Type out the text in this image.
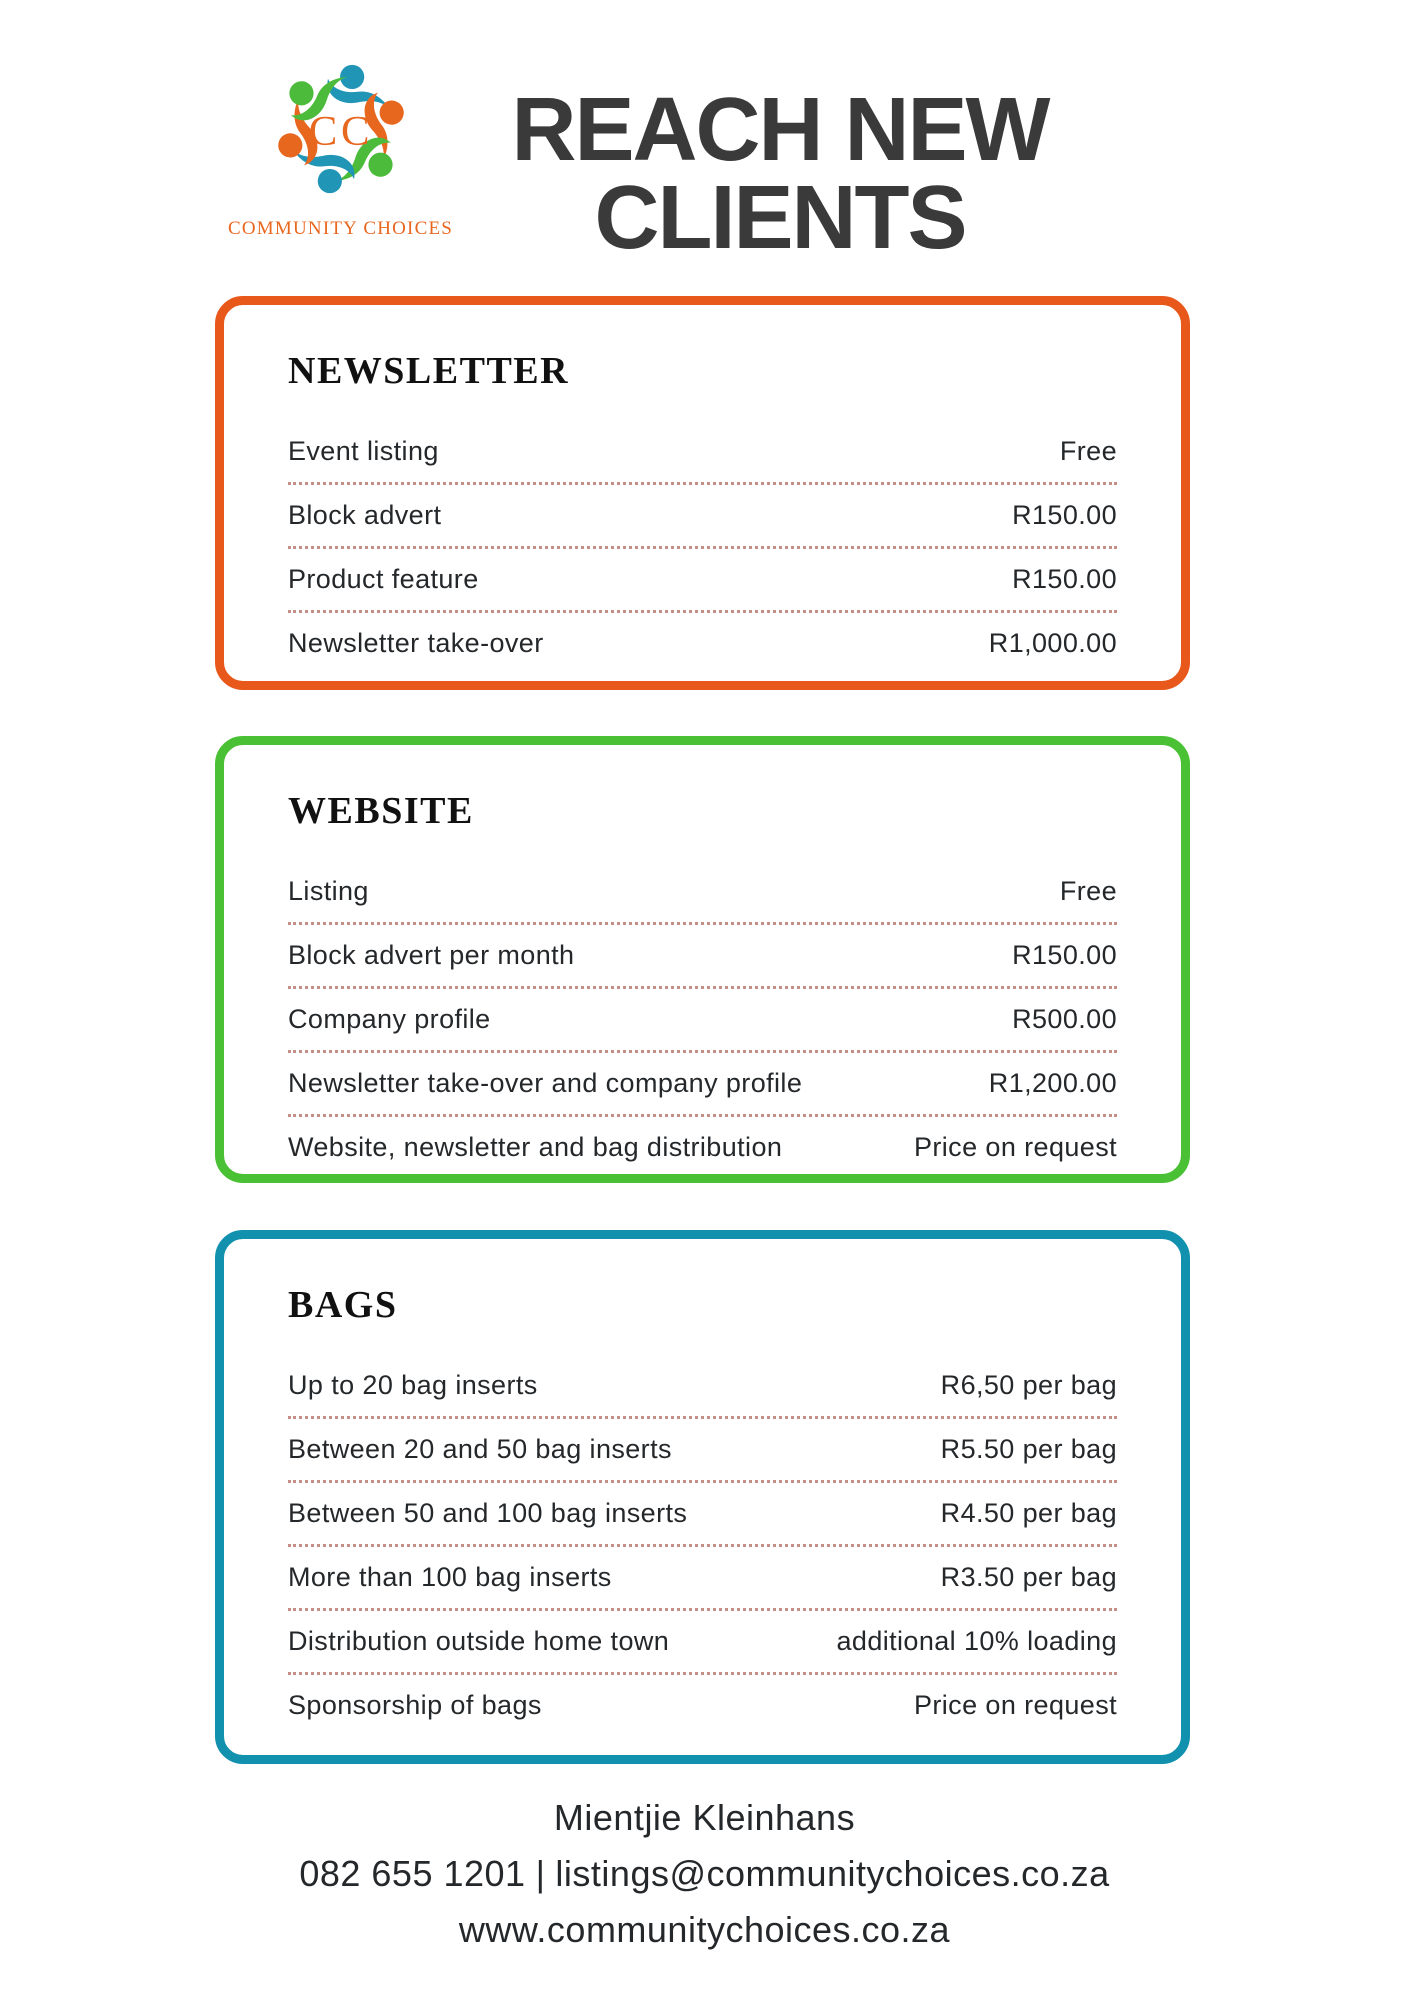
CC
COMMUNITY CHOICES
REACH NEW
CLIENTS
NEWSLETTER
Event listing	Free
Block advert	R150.00
Product feature	R150.00
Newsletter take-over	R1,000.00
WEBSITE
Listing	Free
Block advert per month	R150.00
Company profile	R500.00
Newsletter take-over and company profile	R1,200.00
Website, newsletter and bag distribution	Price on request
BAGS
Up to 20 bag inserts	R6,50 per bag
Between 20 and 50 bag inserts	R5.50 per bag
Between 50 and 100 bag inserts	R4.50 per bag
More than 100 bag inserts	R3.50 per bag
Distribution outside home town	additional 10% loading
Sponsorship of bags	Price on request
Mientjie Kleinhans
082 655 1201 | listings@communitychoices.co.za
www.communitychoices.co.za
